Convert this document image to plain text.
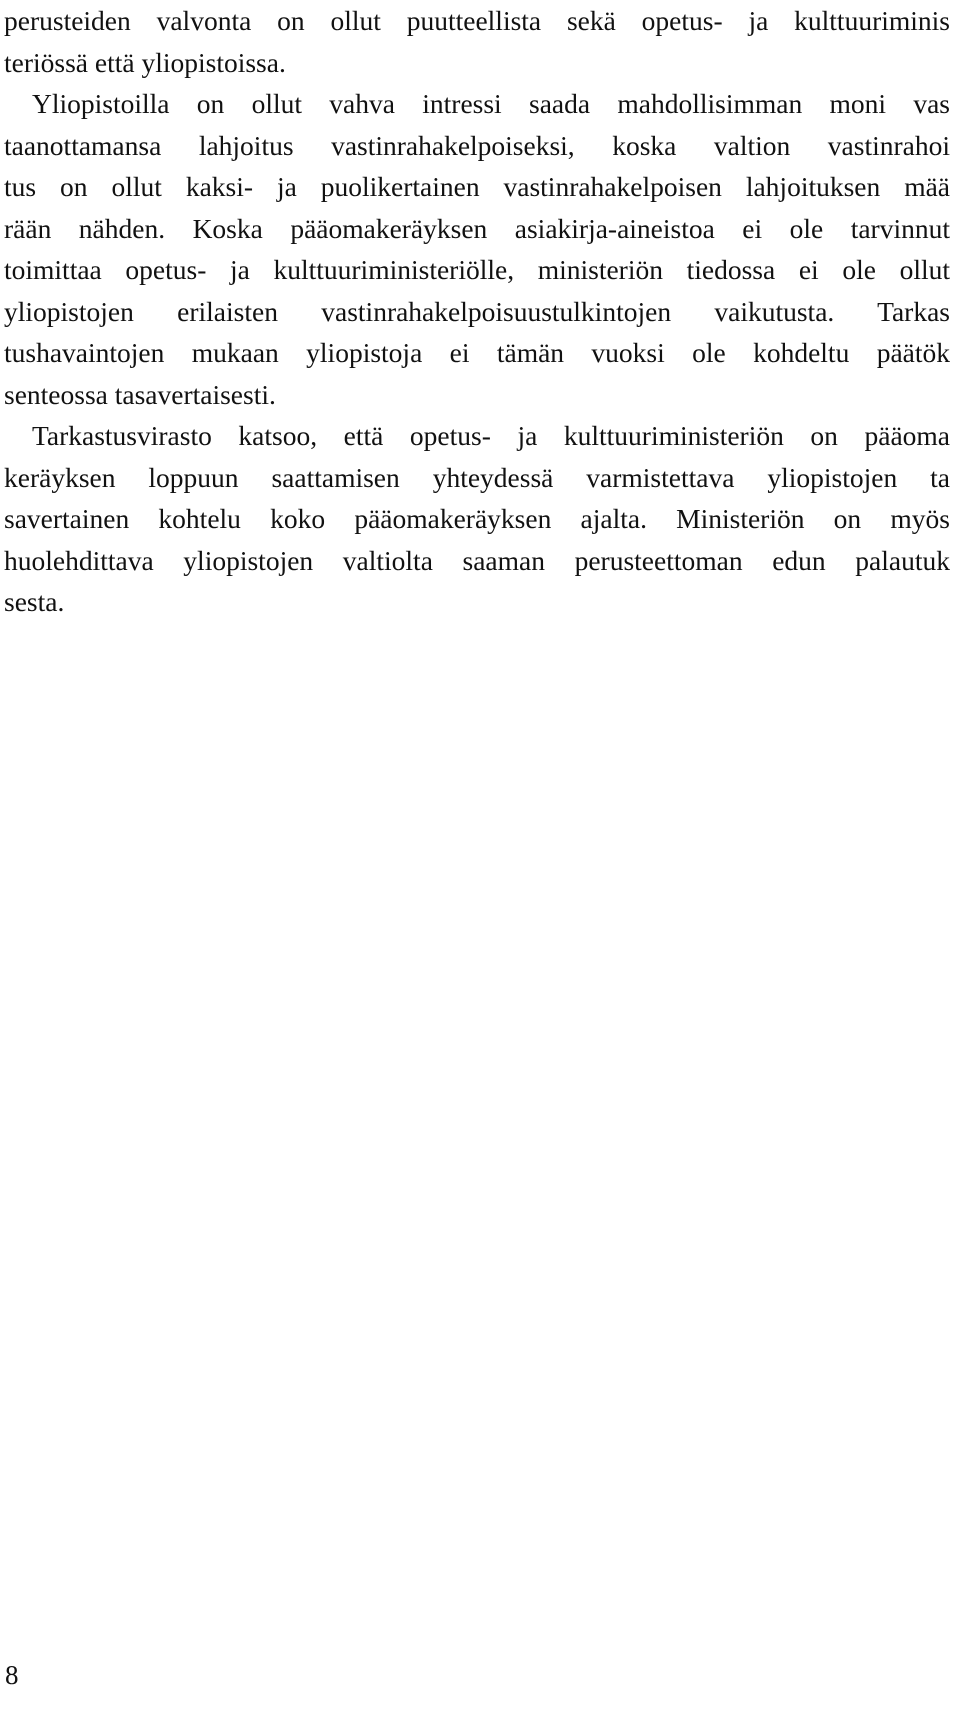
perusteiden valvonta on ollut puutteellista sekä opetus- ja kulttuuriminis
teriössä että yliopistoissa.
Yliopistoilla on ollut vahva intressi saada mahdollisimman moni vas
taanottamansa lahjoitus vastinrahakelpoiseksi, koska valtion vastinrahoi
tus on ollut kaksi- ja puolikertainen vastinrahakelpoisen lahjoituksen mää
rään nähden. Koska pääomakeräyksen asiakirja-aineistoa ei ole tarvinnut
toimittaa opetus- ja kulttuuriministeriölle, ministeriön tiedossa ei ole ollut
yliopistojen erilaisten vastinrahakelpoisuustulkintojen vaikutusta. Tarkas
tushavaintojen mukaan yliopistoja ei tämän vuoksi ole kohdeltu päätök
senteossa tasavertaisesti.
Tarkastusvirasto katsoo, että opetus- ja kulttuuriministeriön on pääoma
keräyksen loppuun saattamisen yhteydessä varmistettava yliopistojen ta
savertainen kohtelu koko pääomakeräyksen ajalta. Ministeriön on myös
huolehdittava yliopistojen valtiolta saaman perusteettoman edun palautuk
sesta.
8
